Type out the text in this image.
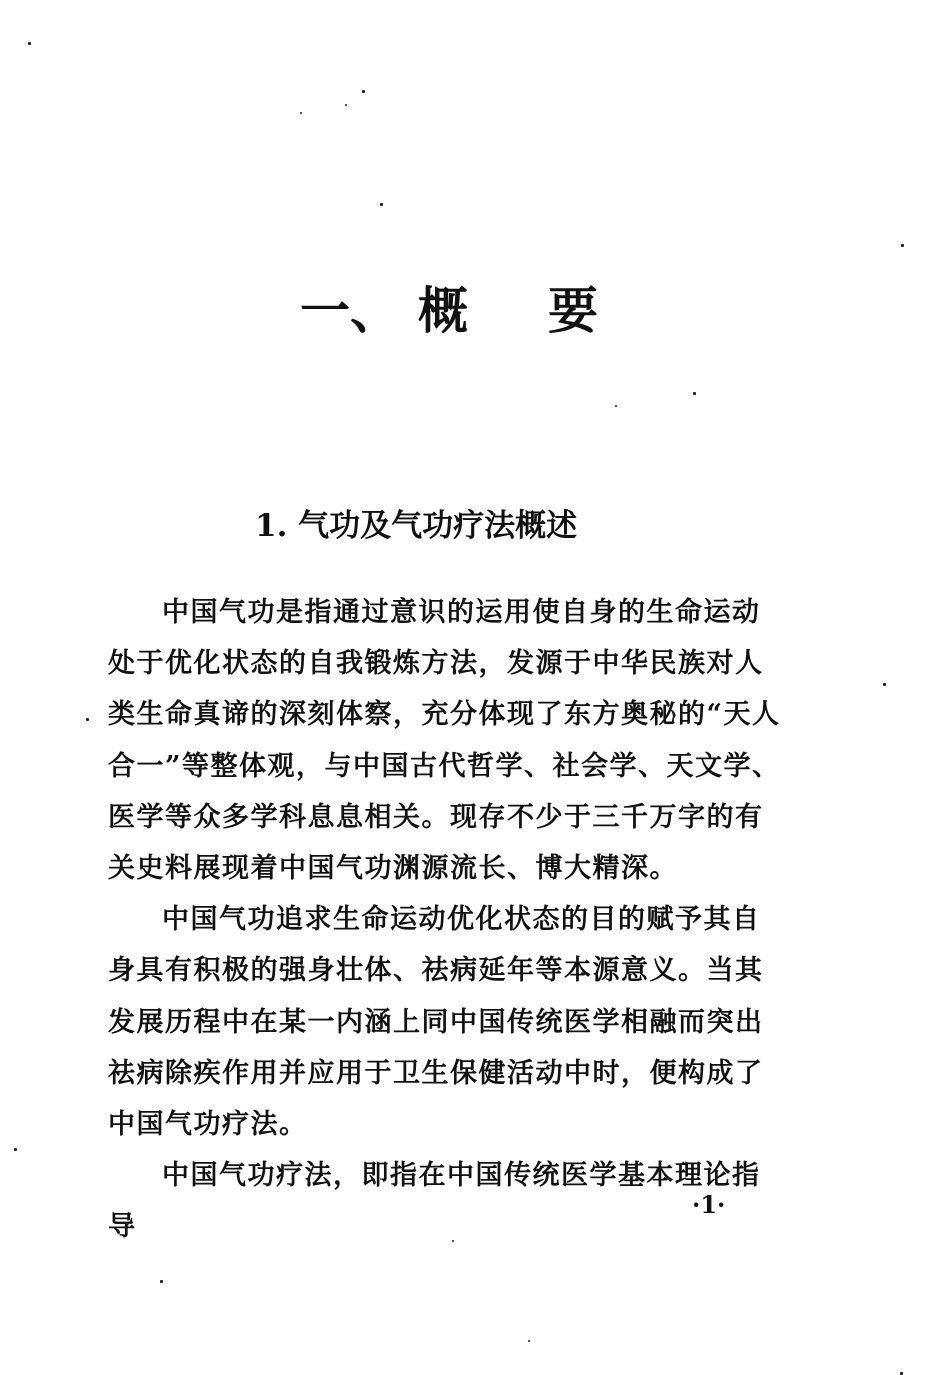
一 、 概 要
1. 气功及气功疗法概述

中国气功是指通过意识的运用使自身的生命运动处于优化状态的自我锻炼方法，发源于中华民族对人类生命真谛的深刻体察，充分体现了东方奥秘的“天人合一”等整体观，与中国古代哲学、社会学、天文学、医学等众多学科息息相关。现存不少于三千万字的有关史料展现着中国气功渊源流长、博大精深。

中国气功追求生命运动优化状态的目的赋予其自身具有积极的强身壮体、祛病延年等本源意义。当其发展历程中在某一内涵上同中国传统医学相融而突出祛病除疾作用并应用于卫生保健活动中时，便构成了中国气功疗法。

中国气功疗法，即指在中国传统医学基本理论指导

·1·
